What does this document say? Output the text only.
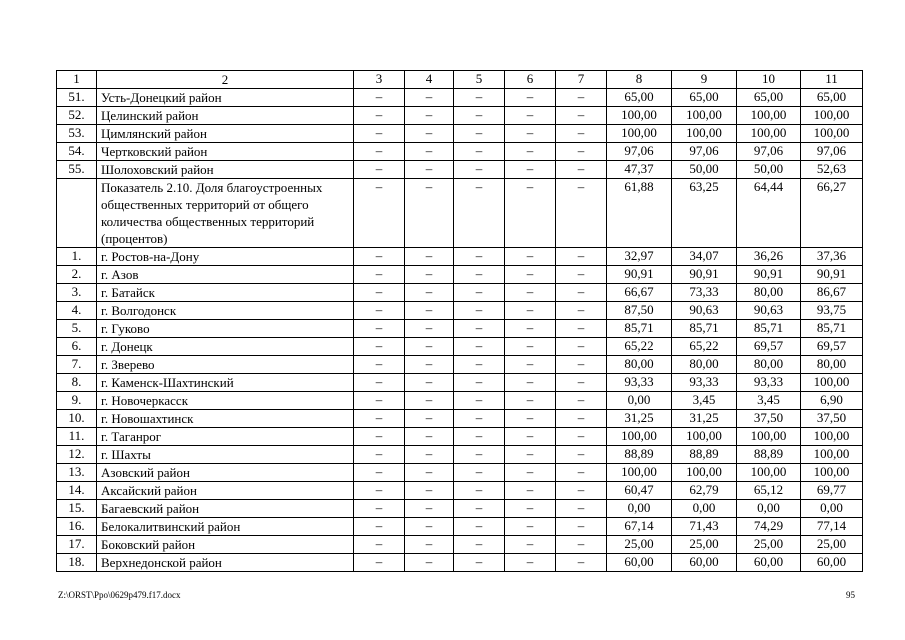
1	2	3	4	5	6	7	8	9	10	11
51.	Усть-Донецкий район	–	–	–	–	–	65,00	65,00	65,00	65,00
52.	Целинский район	–	–	–	–	–	100,00	100,00	100,00	100,00
53.	Цимлянский район	–	–	–	–	–	100,00	100,00	100,00	100,00
54.	Чертковский район	–	–	–	–	–	97,06	97,06	97,06	97,06
55.	Шолоховский район	–	–	–	–	–	47,37	50,00	50,00	52,63
	Показатель 2.10. Доля благоустроенных общественных территорий от общего количества общественных территорий (процентов)	–	–	–	–	–	61,88	63,25	64,44	66,27
1.	г. Ростов-на-Дону	–	–	–	–	–	32,97	34,07	36,26	37,36
2.	г. Азов	–	–	–	–	–	90,91	90,91	90,91	90,91
3.	г. Батайск	–	–	–	–	–	66,67	73,33	80,00	86,67
4.	г. Волгодонск	–	–	–	–	–	87,50	90,63	90,63	93,75
5.	г. Гуково	–	–	–	–	–	85,71	85,71	85,71	85,71
6.	г. Донецк	–	–	–	–	–	65,22	65,22	69,57	69,57
7.	г. Зверево	–	–	–	–	–	80,00	80,00	80,00	80,00
8.	г. Каменск-Шахтинский	–	–	–	–	–	93,33	93,33	93,33	100,00
9.	г. Новочеркасск	–	–	–	–	–	0,00	3,45	3,45	6,90
10.	г. Новошахтинск	–	–	–	–	–	31,25	31,25	37,50	37,50
11.	г. Таганрог	–	–	–	–	–	100,00	100,00	100,00	100,00
12.	г. Шахты	–	–	–	–	–	88,89	88,89	88,89	100,00
13.	Азовский район	–	–	–	–	–	100,00	100,00	100,00	100,00
14.	Аксайский район	–	–	–	–	–	60,47	62,79	65,12	69,77
15.	Багаевский район	–	–	–	–	–	0,00	0,00	0,00	0,00
16.	Белокалитвинский район	–	–	–	–	–	67,14	71,43	74,29	77,14
17.	Боковский район	–	–	–	–	–	25,00	25,00	25,00	25,00
18.	Верхнедонской район	–	–	–	–	–	60,00	60,00	60,00	60,00
Z:\ORST\Ppo\0629p479.f17.docx	95
